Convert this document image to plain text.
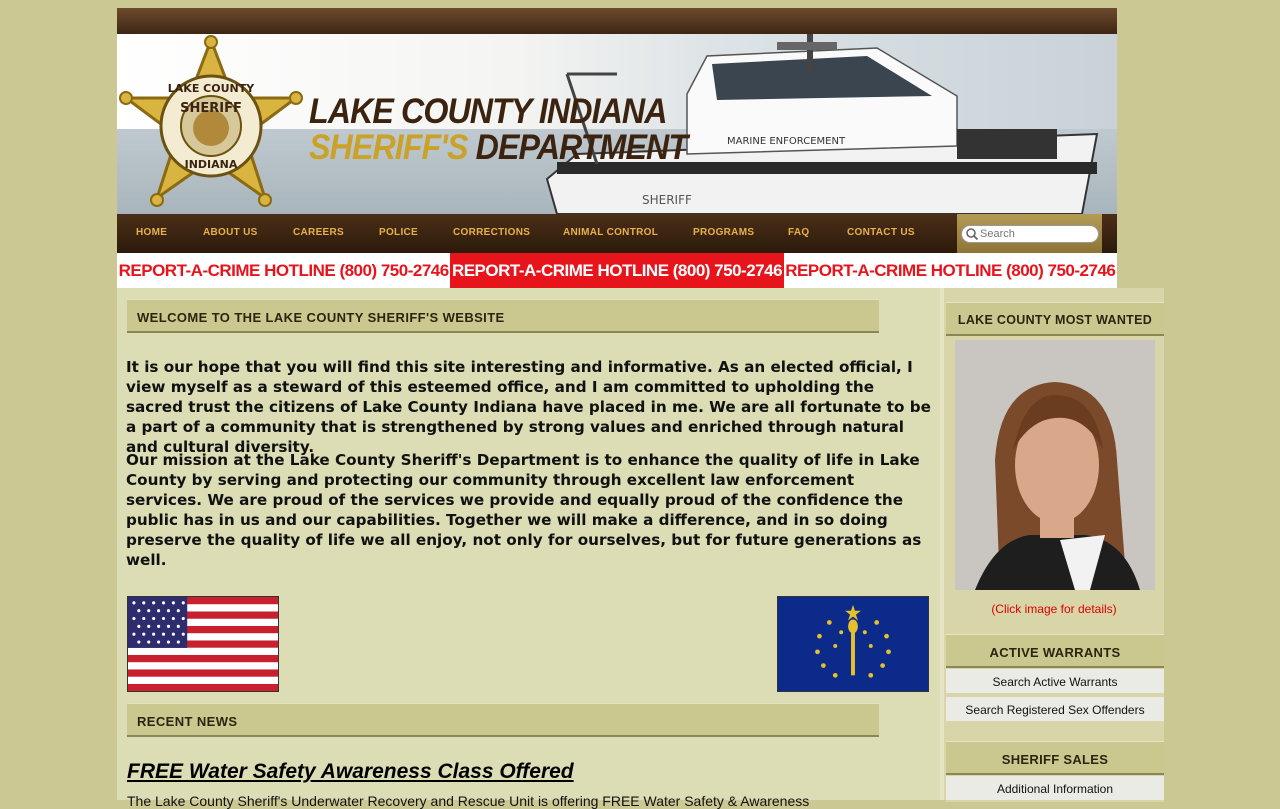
MARINE ENFORCEMENT
SHERIFF
LAKE COUNTY
SHERIFF
INDIANA
LAKE COUNTY INDIANA
SHERIFF'S DEPARTMENT
HOME	ABOUT US	CAREERS	POLICE	CORRECTIONS	ANIMAL CONTROL	PROGRAMS	FAQ	CONTACT US
Search
REPORT-A-CRIME HOTLINE (800) 750-2746 REPORT-A-CRIME HOTLINE (800) 750-2746 REPORT-A-CRIME HOTLINE (800) 750-2746
WELCOME TO THE LAKE COUNTY SHERIFF'S WEBSITE

It is our hope that you will find this site interesting and informative. As an elected official, I view myself as a steward of this esteemed office, and I am committed to upholding the sacred trust the citizens of Lake County Indiana have placed in me. We are all fortunate to be a part of a community that is strengthened by strong values and enriched through natural and cultural diversity.

Our mission at the Lake County Sheriff's Department is to enhance the quality of life in Lake County by serving and protecting our community through excellent law enforcement services. We are proud of the services we provide and equally proud of the confidence the public has in us and our capabilities. Together we will make a difference, and in so doing preserve the quality of life we all enjoy, not only for ourselves, but for future generations as well.

RECENT NEWS
FREE Water Safety Awareness Class Offered
The Lake County Sheriff's Underwater Recovery and Rescue Unit is offering FREE Water Safety & Awareness
LAKE COUNTY MOST WANTED
(Click image for details)
ACTIVE WARRANTS
Search Active Warrants
Search Registered Sex Offenders
SHERIFF SALES
Additional Information
